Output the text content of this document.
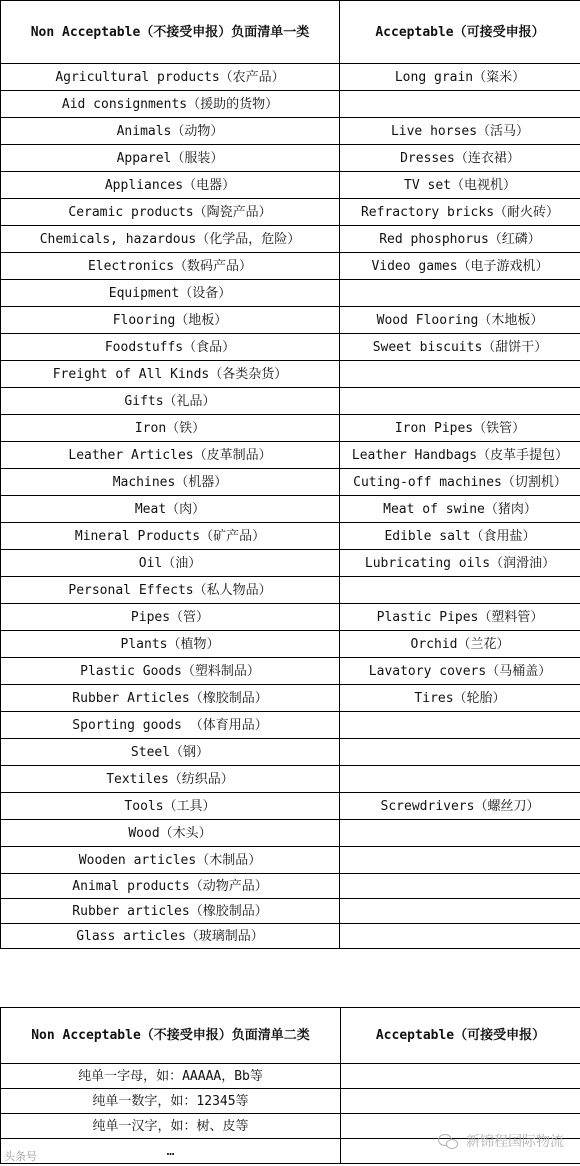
Non Acceptable（不接受申报）负面清单一类	Acceptable（可接受申报）
Agricultural products（农产品）	Long grain（粢米）
Aid consignments（援助的货物）	
Animals（动物）	Live horses（活马）
Apparel（服装）	Dresses（连衣裙）
Appliances（电器）	TV set（电视机）
Ceramic products（陶瓷产品）	Refractory bricks（耐火砖）
Chemicals, hazardous（化学品，危险）	Red phosphorus（红磷）
Electronics（数码产品）	Video games（电子游戏机）
Equipment（设备）	
Flooring（地板）	Wood Flooring（木地板）
Foodstuffs（食品）	Sweet biscuits（甜饼干）
Freight of All Kinds（各类杂货）	
Gifts（礼品）	
Iron（铁）	Iron Pipes（铁管）
Leather Articles（皮革制品）	Leather Handbags（皮革手提包）
Machines（机器）	Cuting-off machines（切割机）
Meat（肉）	Meat of swine（猪肉）
Mineral Products（矿产品）	Edible salt（食用盐）
Oil（油）	Lubricating oils（润滑油）
Personal Effects（私人物品）	
Pipes（管）	Plastic Pipes（塑料管）
Plants（植物）	Orchid（兰花）
Plastic Goods（塑料制品）	Lavatory covers（马桶盖）
Rubber Articles（橡胶制品）	Tires（轮胎）
Sporting goods （体育用品）	
Steel（钢）	
Textiles（纺织品）	
Tools（工具）	Screwdrivers（螺丝刀）
Wood（木头）	
Wooden articles（木制品）	
Animal products（动物产品）	
Rubber articles（橡胶制品）	
Glass articles（玻璃制品）	
Non Acceptable（不接受申报）负面清单二类	Acceptable（可接受申报）
纯单一字母，如：AAAAA，Bb等	
纯单一数字，如：12345等	
纯单一汉字，如：树、皮等	
…	
头条号
新锦程国际物流
